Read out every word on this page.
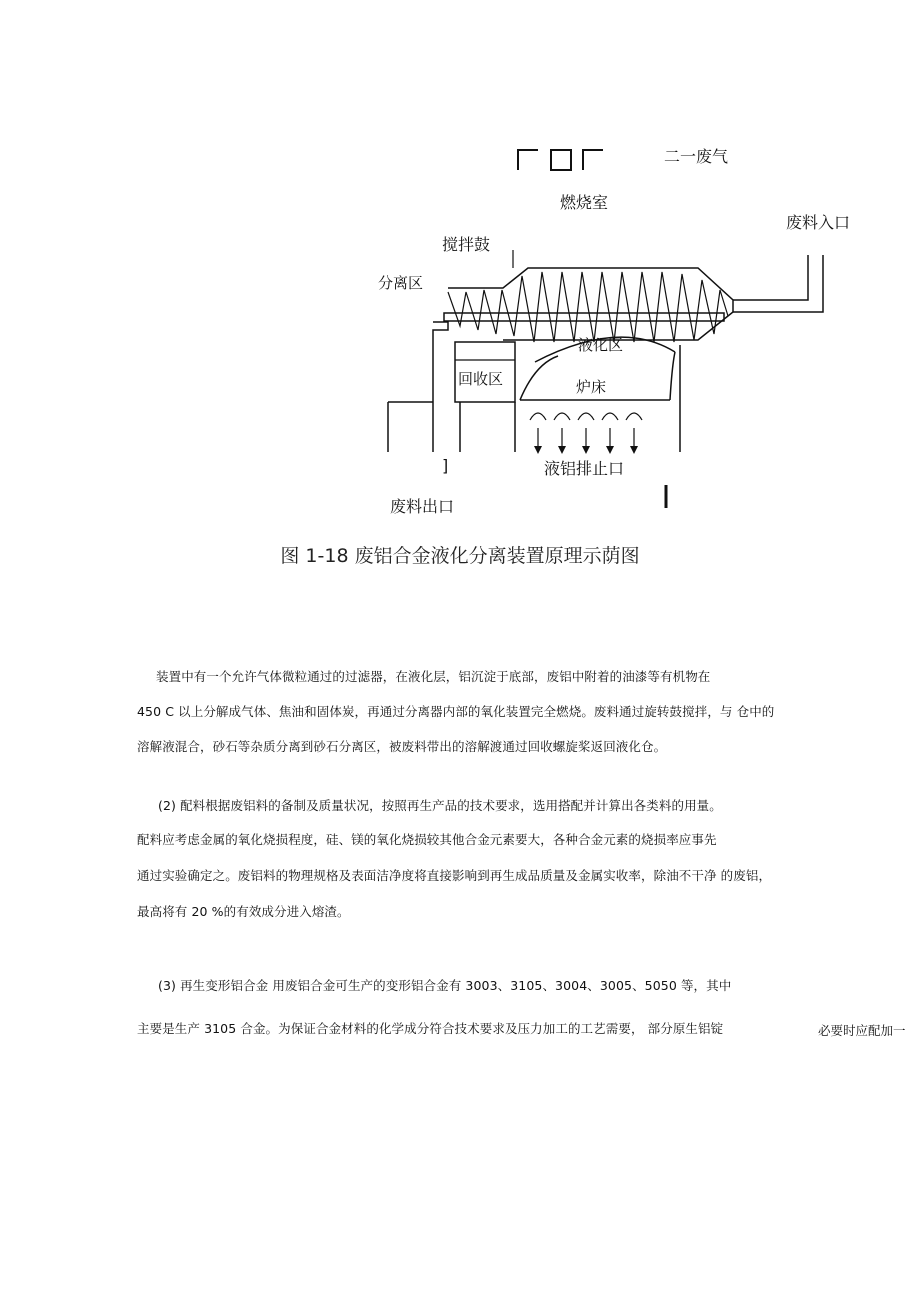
分离区
液化区
回收区	炉床
二一废气
燃烧室
废料入口
搅拌鼓
]	液铝排止口
废料出口
图 1-18 废铝合金液化分离装置原理示荫图
装置中有一个允许气体微粒通过的过滤器，在液化层，铝沉淀于底部，废铝中附着的油漆等有机物在
450 C 以上分解成气体、焦油和固体炭，再通过分离器内部的氧化装置完全燃烧。废料通过旋转鼓搅拌，与 仓中的
溶解液混合，砂石等杂质分离到砂石分离区，被废料带出的溶解渡通过回收螺旋桨返回液化仓。
(2) 配料根据废铝料的备制及质量状况，按照再生产品的技术要求，选用搭配并计算出各类料的用量。
配料应考虑金属的氧化烧损程度，硅、镁的氧化烧损较其他合金元素要大，各种合金元素的烧损率应事先
通过实验确定之。废铝料的物理规格及表面洁净度将直接影响到再生成品质量及金属实收率，除油不干净 的废铝，
最高将有 20 %的有效成分进入熔渣。
(3) 再生变形铝合金 用废铝合金可生产的变形铝合金有 3003、3105、3004、3005、5050 等，其中
主要是生产 3105 合金。为保证合金材料的化学成分符合技术要求及压力加工的工艺需要， 部分原生铝锭	必要时应配加一
